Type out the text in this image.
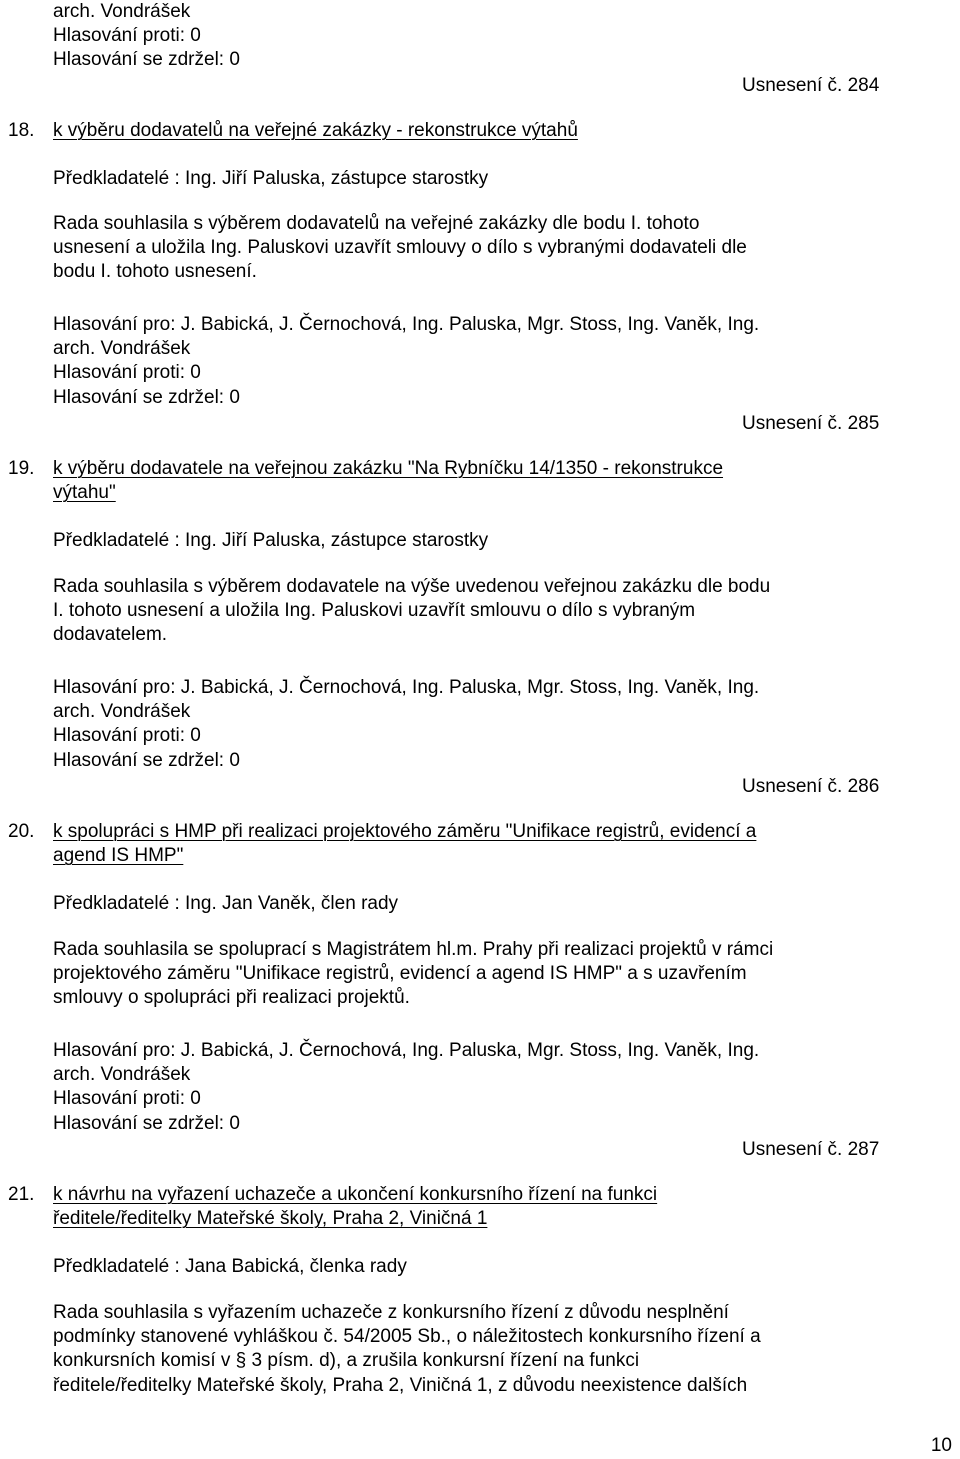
arch. Vondrášek
Hlasování proti: 0
Hlasování se zdržel: 0
Usnesení č. 284
18. k výběru dodavatelů na veřejné zakázky - rekonstrukce výtahů
Předkladatelé : Ing. Jiří Paluska, zástupce starostky
Rada souhlasila s výběrem dodavatelů na veřejné zakázky dle bodu I. tohoto
usnesení a uložila Ing. Paluskovi uzavřít smlouvy o dílo s vybranými dodavateli dle
bodu I. tohoto usnesení.
Hlasování pro: J. Babická, J. Černochová, Ing. Paluska, Mgr. Stoss, Ing. Vaněk, Ing.
arch. Vondrášek
Hlasování proti: 0
Hlasování se zdržel: 0
Usnesení č. 285
19. k výběru dodavatele na veřejnou zakázku "Na Rybníčku 14/1350 - rekonstrukce
výtahu"
Předkladatelé : Ing. Jiří Paluska, zástupce starostky
Rada souhlasila s výběrem dodavatele na výše uvedenou veřejnou zakázku dle bodu
I. tohoto usnesení a uložila Ing. Paluskovi uzavřít smlouvu o dílo s vybraným
dodavatelem.
Hlasování pro: J. Babická, J. Černochová, Ing. Paluska, Mgr. Stoss, Ing. Vaněk, Ing.
arch. Vondrášek
Hlasování proti: 0
Hlasování se zdržel: 0
Usnesení č. 286
20. k spolupráci s HMP při realizaci projektového záměru "Unifikace registrů, evidencí a
agend IS HMP"
Předkladatelé : Ing. Jan Vaněk, člen rady
Rada souhlasila se spoluprací s Magistrátem hl.m. Prahy při realizaci projektů v rámci
projektového záměru "Unifikace registrů, evidencí a agend IS HMP" a s uzavřením
smlouvy o spolupráci při realizaci projektů.
Hlasování pro: J. Babická, J. Černochová, Ing. Paluska, Mgr. Stoss, Ing. Vaněk, Ing.
arch. Vondrášek
Hlasování proti: 0
Hlasování se zdržel: 0
Usnesení č. 287
21. k návrhu na vyřazení uchazeče a ukončení konkursního řízení na funkci
ředitele/ředitelky Mateřské školy, Praha 2, Viničná 1
Předkladatelé : Jana Babická, členka rady
Rada souhlasila s vyřazením uchazeče z konkursního řízení z důvodu nesplnění
podmínky stanovené vyhláškou č. 54/2005 Sb., o náležitostech konkursního řízení a
konkursních komisí v § 3 písm. d), a zrušila konkursní řízení na funkci
ředitele/ředitelky Mateřské školy, Praha 2, Viničná 1, z důvodu neexistence dalších
10
